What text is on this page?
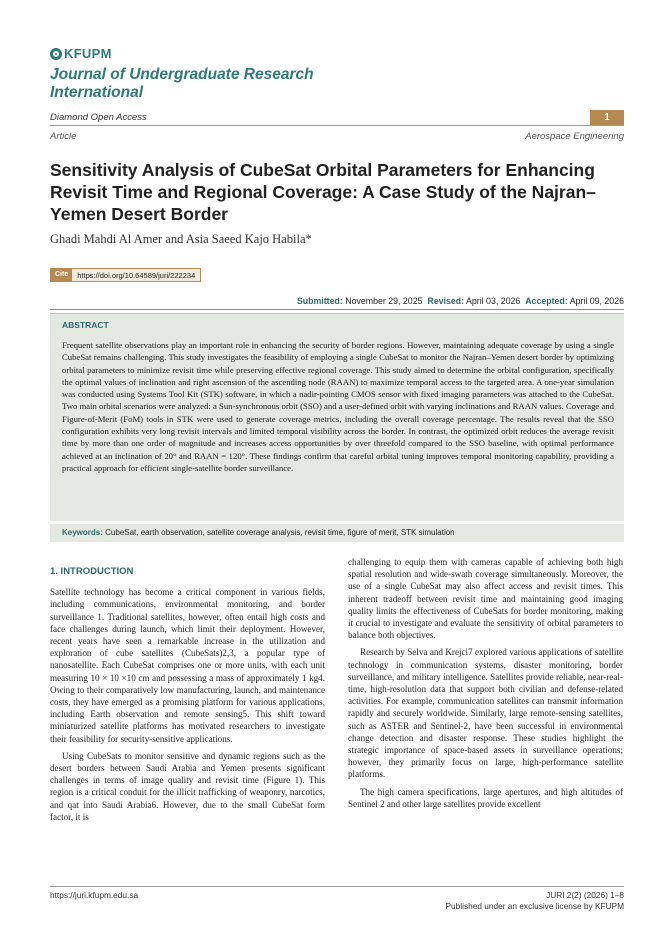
KFUPM
Journal of Undergraduate Research International
Diamond Open Access	1
Article	Aerospace Engineering
Sensitivity Analysis of CubeSat Orbital Parameters for Enhancing Revisit Time and Regional Coverage: A Case Study of the Najran–Yemen Desert Border
Ghadi Mahdi Al Amer and Asia Saeed Kajo Habila*
Cite	https://doi.org/10.64589/juri/222234
Submitted: November 29, 2025 Revised: April 03, 2026 Accepted: April 09, 2026
ABSTRACT

Frequent satellite observations play an important role in enhancing the security of border regions. However, maintaining adequate coverage by using a single CubeSat remains challenging. This study investigates the feasibility of employing a single CubeSat to monitor the Najran–Yemen desert border by optimizing orbital parameters to minimize revisit time while preserving effective regional coverage. This study aimed to determine the orbital configuration, specifically the optimal values of inclination and right ascension of the ascending node (RAAN) to maximize temporal access to the targeted area. A one-year simulation was conducted using Systems Tool Kit (STK) software, in which a nadir-pointing CMOS sensor with fixed imaging parameters was attached to the CubeSat. Two main orbital scenarios were analyzed: a Sun-synchronous orbit (SSO) and a user-defined orbit with varying inclinations and RAAN values. Coverage and Figure-of-Merit (FoM) tools in STK were used to generate coverage metrics, including the overall coverage percentage. The results reveal that the SSO configuration exhibits very long revisit intervals and limited temporal visibility across the border. In contrast, the optimized orbit reduces the average revisit time by more than one order of magnitude and increases access opportunities by over threefold compared to the SSO baseline, with optimal performance achieved at an inclination of 20° and RAAN = 120°. These findings confirm that careful orbital tuning improves temporal monitoring capability, providing a practical approach for efficient single-satellite border surveillance.

Keywords: CubeSat, earth observation, satellite coverage analysis, revisit time, figure of merit, STK simulation
1. INTRODUCTION

Satellite technology has become a critical component in various fields, including communications, environmental monitoring, and border surveillance 1. Traditional satellites, however, often entail high costs and face challenges during launch, which limit their deployment. However, recent years have seen a remarkable increase in the utilization and exploration of cube satellites (CubeSats)2,3, a popular type of nanosatellite. Each CubeSat comprises one or more units, with each unit measuring 10 × 10 ×10 cm and possessing a mass of approximately 1 kg4. Owing to their comparatively low manufacturing, launch, and maintenance costs, they have emerged as a promising platform for various applications, including Earth observation and remote sensing5. This shift toward miniaturized satellite platforms has motivated researchers to investigate their feasibility for security-sensitive applications.

Using CubeSats to monitor sensitive and dynamic regions such as the desert borders between Saudi Arabia and Yemen presents significant challenges in terms of image quality and revisit time (Figure 1). This region is a critical conduit for the illicit trafficking of weaponry, narcotics, and qat into Saudi Arabia6. However, due to the small CubeSat form factor, it is

challenging to equip them with cameras capable of achieving both high spatial resolution and wide-swath coverage simultaneously. Moreover, the use of a single CubeSat may also affect access and revisit times. This inherent tradeoff between revisit time and maintaining good imaging quality limits the effectiveness of CubeSats for border monitoring, making it crucial to investigate and evaluate the sensitivity of orbital parameters to balance both objectives.

Research by Selva and Krejci7 explored various applications of satellite technology in communication systems, disaster monitoring, border surveillance, and military intelligence. Satellites provide reliable, near-real-time, high-resolution data that support both civilian and defense-related activities. For example, communication satellites can transmit information rapidly and securely worldwide. Similarly, large remote-sensing satellites, such as ASTER and Sentinel-2, have been successful in environmental change detection and disaster response. These studies highlight the strategic importance of space-based assets in surveillance operations; however, they primarily focus on large, high-performance satellite platforms.

The high camera specifications, large apertures, and high altitudes of Sentinel 2 and other large satellites provide excellent

https://juri.kfupm.edu.sa	JURI 2(2) (2026) 1–8
Published under an exclusive license by KFUPM
